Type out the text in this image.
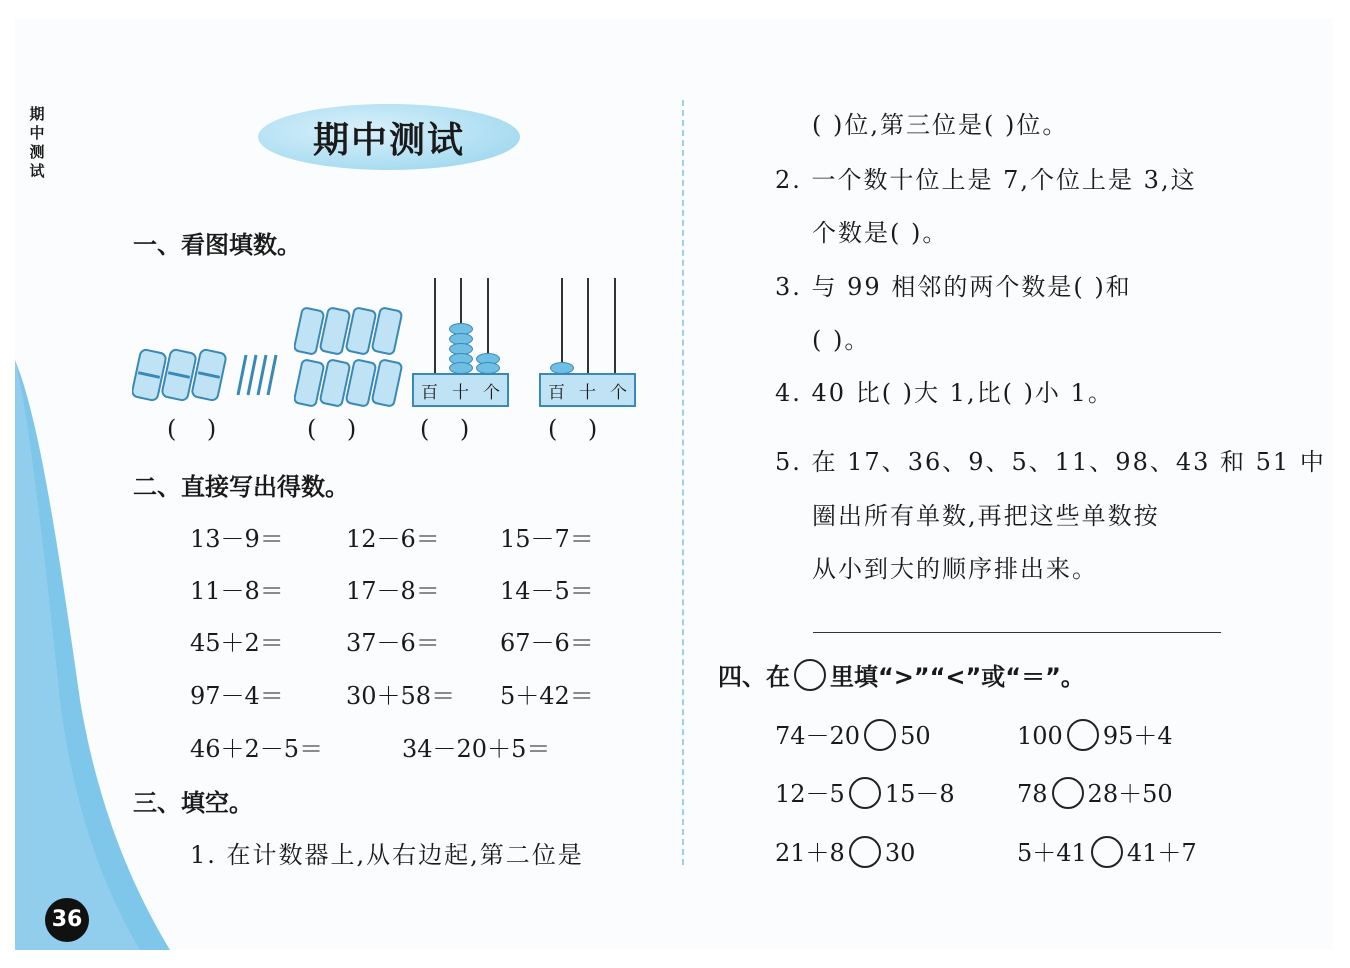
期中测试
期中测试
一、看图填数。
百 十 个	百 十 个
(    )	(    )	(    )	(    )
二、直接写出得数。
13－9＝	12－6＝	15－7＝
11－8＝	17－8＝	14－5＝
45＋2＝	37－6＝	67－6＝
97－4＝	30＋58＝ 5＋42＝
46＋2－5＝	34－20＋5＝
三、填空。
1. 在计数器上,从右边起,第二位是
( )位,第三位是( )位。
2. 一个数十位上是 7,个位上是 3,这
个数是( )。
3. 与 99 相邻的两个数是( )和
( )。
4. 40 比( )大 1,比( )小 1。
5. 在 17、36、9、5、11、98、43 和 51 中
圈出所有单数,再把这些单数按
从小到大的顺序排出来。
四、在 里填“>”“<”或“＝”。
74－20 50	100 95＋4
12－5 15－8	78 28＋50
21＋8 30	5＋41 41＋7
36
